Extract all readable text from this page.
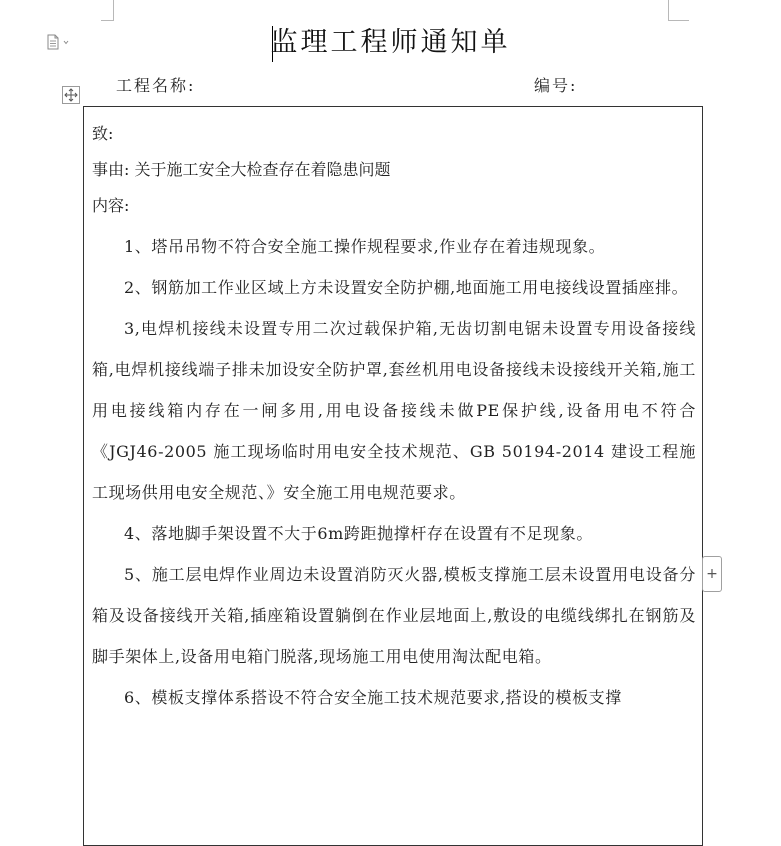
监理工程师通知单
工程名称:	编号:
致:
事由: 关于施工安全大检查存在着隐患问题
内容:
1、塔吊吊物不符合安全施工操作规程要求,作业存在着违规现象。
2、钢筋加工作业区域上方未设置安全防护棚,地面施工用电接线设置插座排。
3,电焊机接线未设置专用二次过载保护箱,无齿切割电锯未设置专用设备接线箱,电焊机接线端子排未加设安全防护罩,套丝机用电设备接线未设接线开关箱,施工用电接线箱内存在一闸多用,用电设备接线未做PE保护线,设备用电不符合《JGJ46-2005 施工现场临时用电安全技术规范、GB 50194-2014 建设工程施工现场供用电安全规范、》安全施工用电规范要求。
4、落地脚手架设置不大于6m跨距抛撑杆存在设置有不足现象。
5、施工层电焊作业周边未设置消防灭火器,模板支撑施工层未设置用电设备分箱及设备接线开关箱,插座箱设置躺倒在作业层地面上,敷设的电缆线绑扎在钢筋及脚手架体上,设备用电箱门脱落,现场施工用电使用淘汰配电箱。
6、模板支撑体系搭设不符合安全施工技术规范要求,搭设的模板支撑
+
